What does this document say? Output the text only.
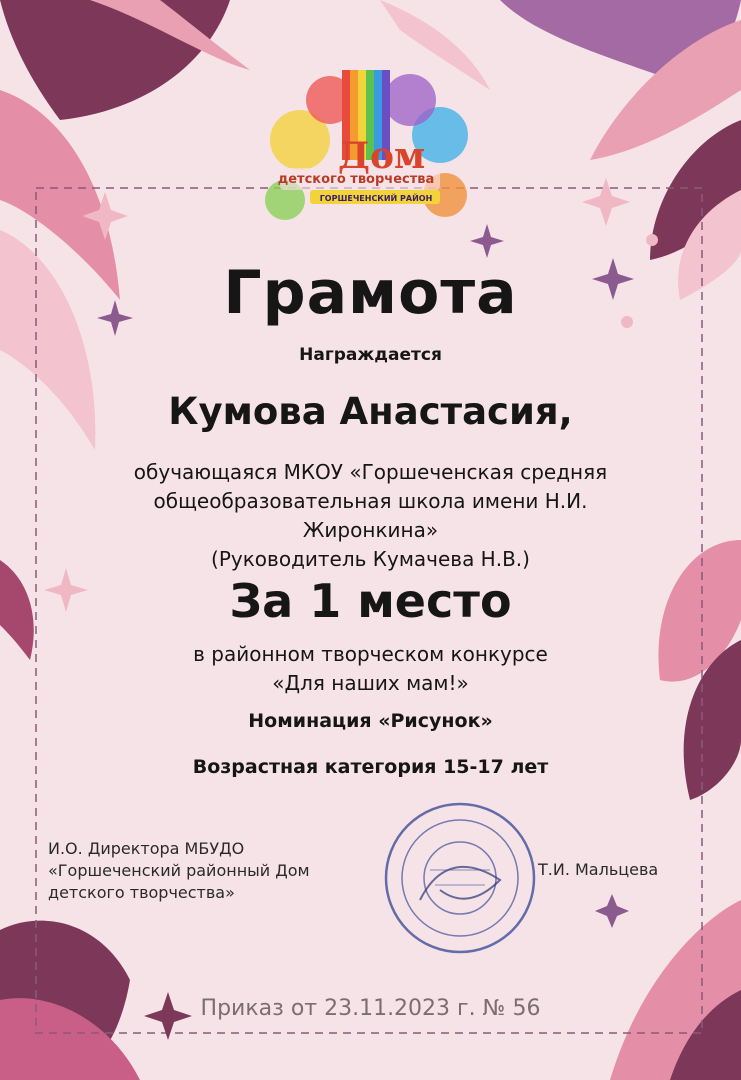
Дом
детского творчества
ГОРШЕЧЕНСКИЙ РАЙОН
Грамота
Награждается
Кумова Анастасия,
обучающаяся МКОУ «Горшеченская средняя
общеобразовательная школа имени Н.И.
Жиронкина»
(Руководитель Кумачева Н.В.)
За 1 место
в районном творческом конкурсе
«Для наших мам!»
Номинация «Рисунок»
Возрастная категория 15-17 лет
И.О. Директора МБУДО
«Горшеченский районный Дом
детского творчества»
Т.И. Мальцева
Приказ от 23.11.2023 г. № 56
